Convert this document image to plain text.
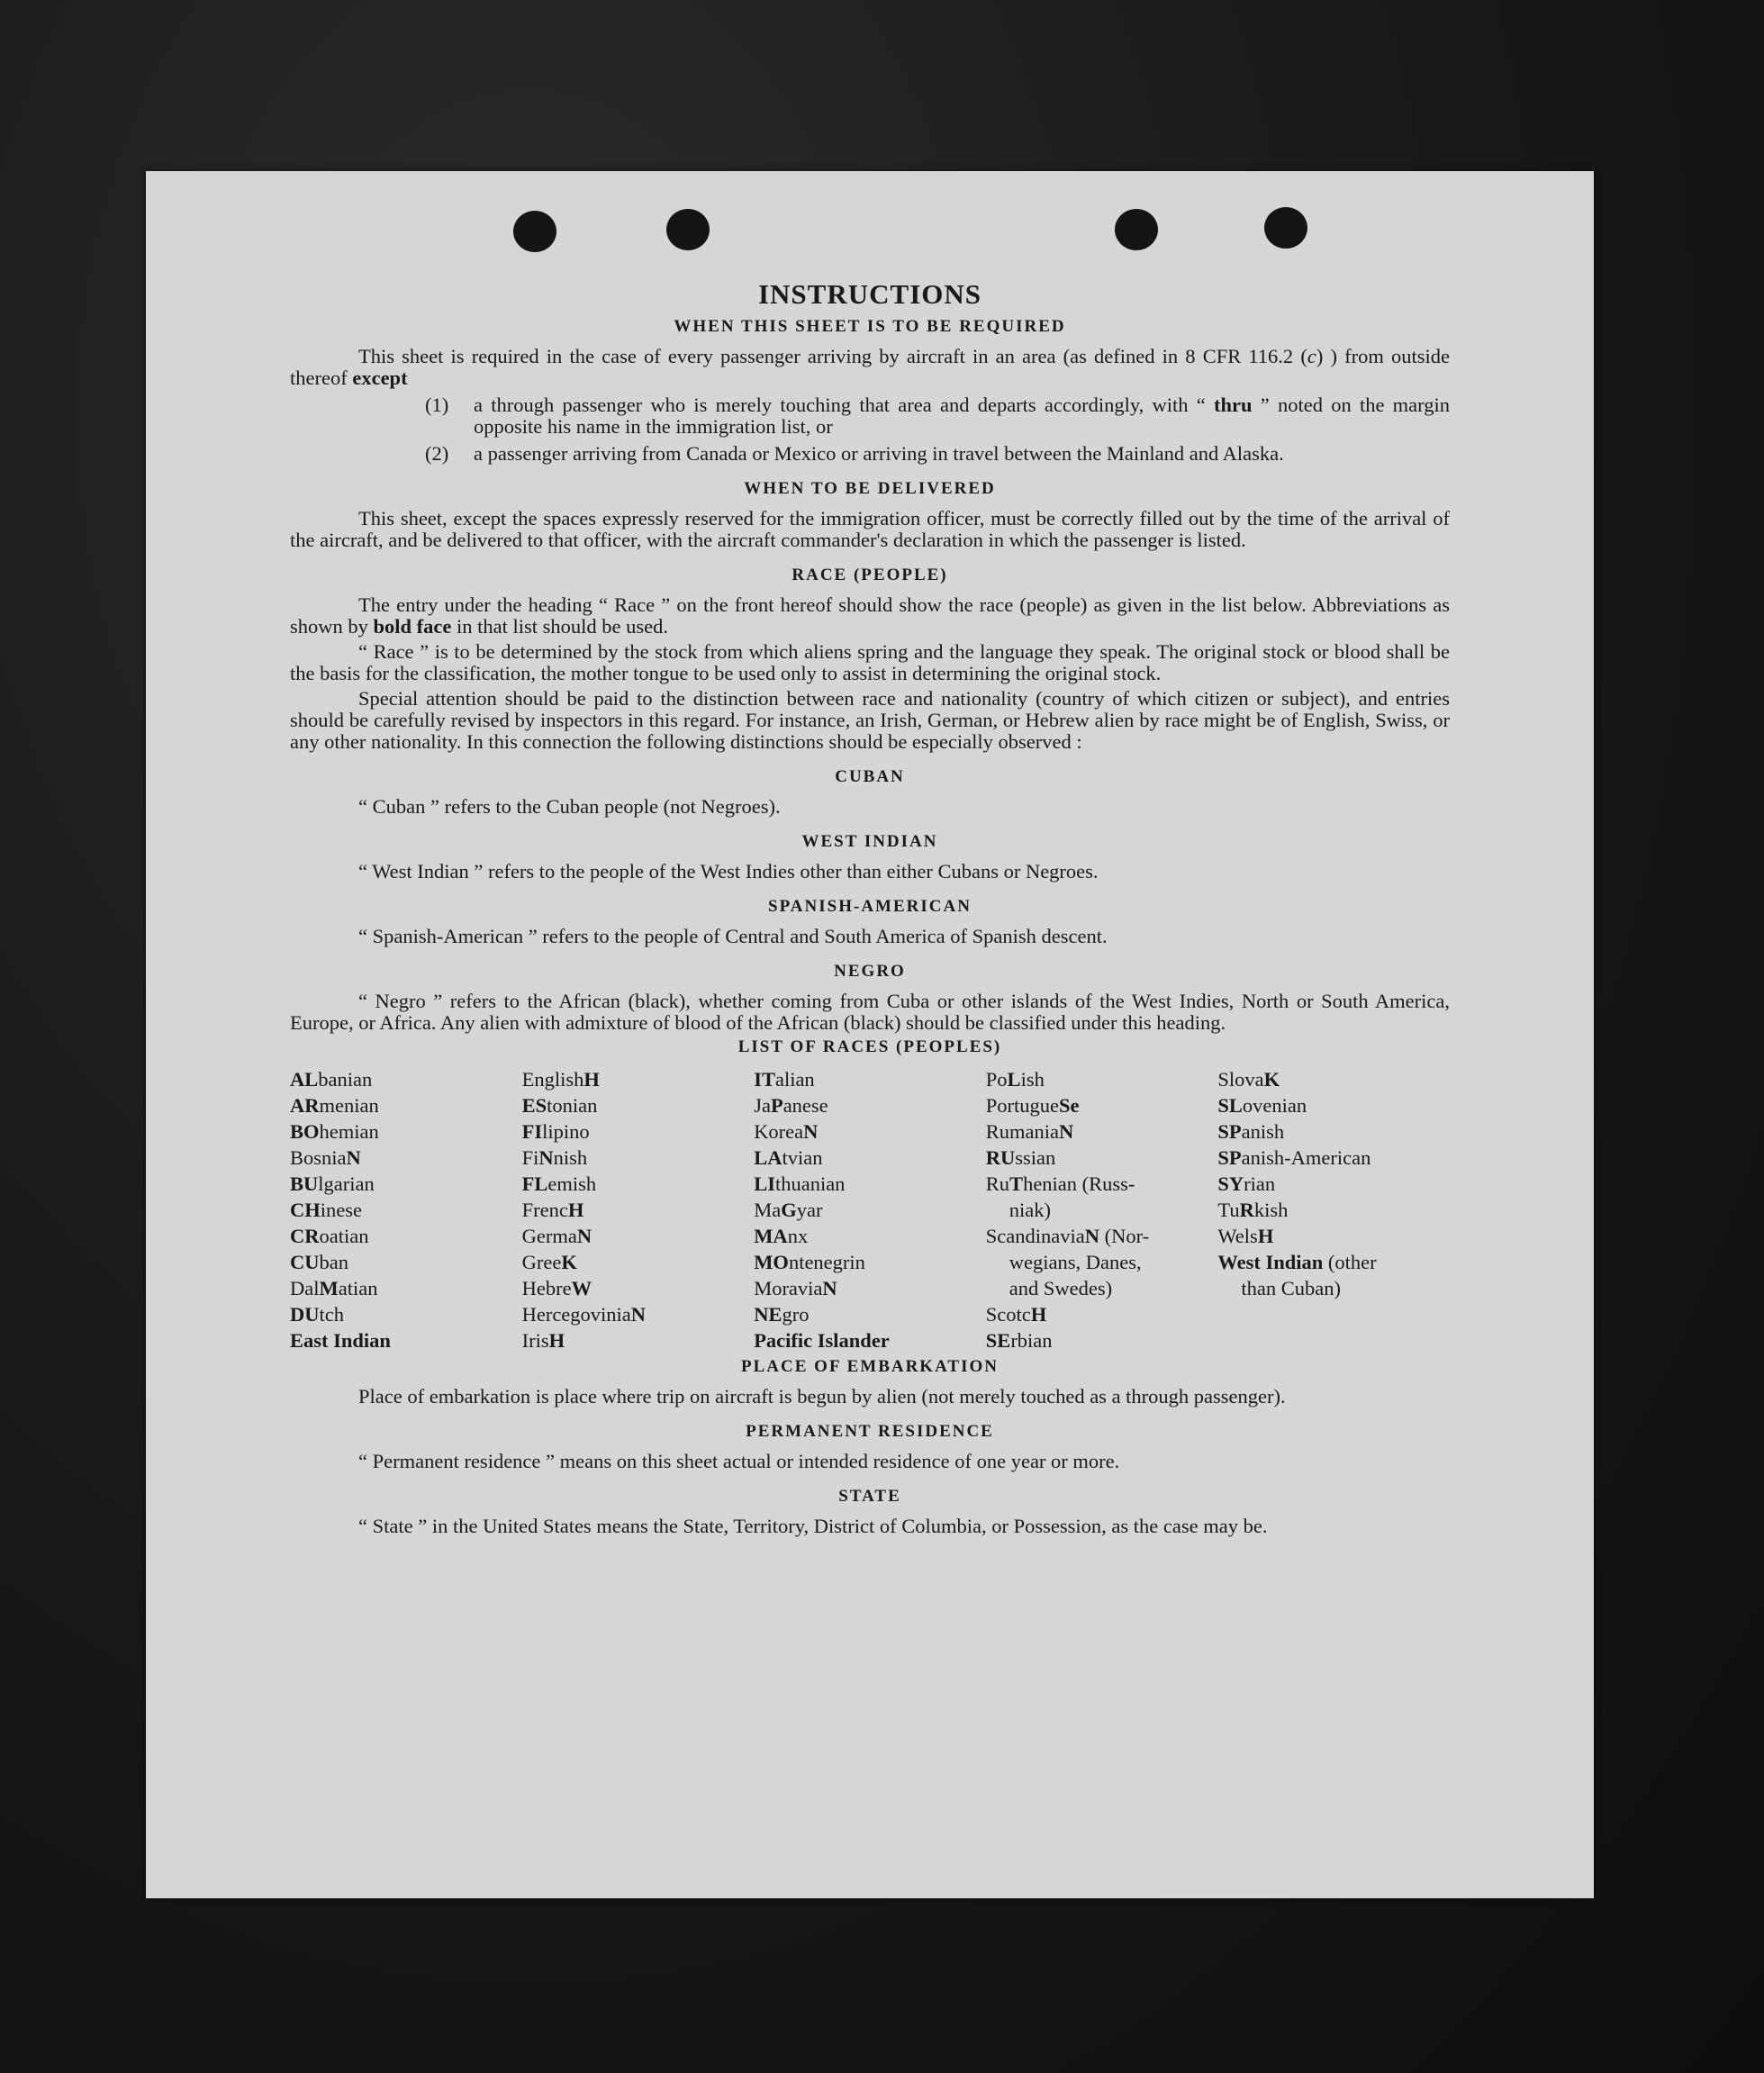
INSTRUCTIONS
WHEN THIS SHEET IS TO BE REQUIRED

This sheet is required in the case of every passenger arriving by aircraft in an area (as defined in 8 CFR 116.2 (c) ) from outside thereof except

(1)	a through passenger who is merely touching that area and departs accordingly, with “ thru ” noted on the margin opposite his name in the immigration list, or
(2)	a passenger arriving from Canada or Mexico or arriving in travel between the Mainland and Alaska.
WHEN TO BE DELIVERED

This sheet, except the spaces expressly reserved for the immigration officer, must be correctly filled out by the time of the arrival of the aircraft, and be delivered to that officer, with the aircraft commander's declaration in which the passenger is listed.

RACE (PEOPLE)

The entry under the heading “ Race ” on the front hereof should show the race (people) as given in the list below. Abbreviations as shown by bold face in that list should be used.

“ Race ” is to be determined by the stock from which aliens spring and the language they speak. The original stock or blood shall be the basis for the classification, the mother tongue to be used only to assist in determining the original stock.

Special attention should be paid to the distinction between race and nationality (country of which citizen or subject), and entries should be carefully revised by inspectors in this regard. For instance, an Irish, German, or Hebrew alien by race might be of English, Swiss, or any other nationality. In this connection the following distinctions should be especially observed :

CUBAN

“ Cuban ” refers to the Cuban people (not Negroes).

WEST INDIAN

“ West Indian ” refers to the people of the West Indies other than either Cubans or Negroes.

SPANISH-AMERICAN

“ Spanish-American ” refers to the people of Central and South America of Spanish descent.

NEGRO

“ Negro ” refers to the African (black), whether coming from Cuba or other islands of the West Indies, North or South America, Europe, or Africa. Any alien with admixture of blood of the African (black) should be classified under this heading.

LIST OF RACES (PEOPLES)
ALbanian
ARmenian
BOhemian
BosniaN
BUlgarian
CHinese
CRoatian
CUban
DalMatian
DUtch
East Indian
EnglishH
EStonian
FIlipino
FiNnish
FLemish
FrencH
GermaN
GreeK
HebreW
HercegoviniaN
IrisH
ITalian
JaPanese
KoreaN
LAtvian
LIthuanian
MaGyar
MAnx
MOntenegrin
MoraviaN
NEgro
Pacific Islander
PoLish
PortugueSe
RumaniaN
RUssian
RuThenian (Russ-
niak)
ScandinaviaN (Nor-
wegians, Danes,
and Swedes)
ScotcH
SErbian
SlovaK
SLovenian
SPanish
SPanish-American
SYrian
TuRkish
WelsH
West Indian (other
than Cuban)
PLACE OF EMBARKATION

Place of embarkation is place where trip on aircraft is begun by alien (not merely touched as a through passenger).

PERMANENT RESIDENCE

“ Permanent residence ” means on this sheet actual or intended residence of one year or more.

STATE

“ State ” in the United States means the State, Territory, District of Columbia, or Possession, as the case may be.
